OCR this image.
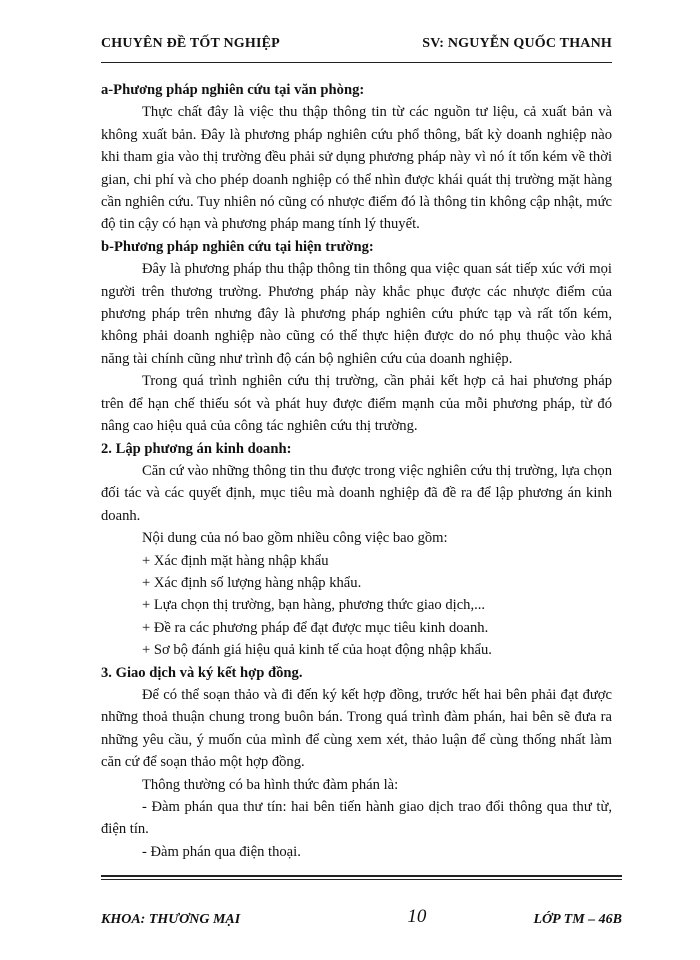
CHUYÊN ĐỀ TỐT NGHIỆP	SV: NGUYỄN QUỐC THANH

a-Phương pháp nghiên cứu tại văn phòng:

Thực chất đây là việc thu thập thông tin từ các nguồn tư liệu, cả xuất bản và không xuất bản. Đây là phương pháp nghiên cứu phổ thông, bất kỳ doanh nghiệp nào khi tham gia vào thị trường đều phải sử dụng phương pháp này vì nó ít tốn kém về thời gian, chi phí và cho phép doanh nghiệp có thể nhìn được khái quát thị trường mặt hàng cần nghiên cứu. Tuy nhiên nó cũng có nhược điểm đó là thông tin không cập nhật, mức độ tin cậy có hạn và phương pháp mang tính lý thuyết.

b-Phương pháp nghiên cứu tại hiện trường:

Đây là phương pháp thu thập thông tin thông qua việc quan sát tiếp xúc với mọi người trên thương trường. Phương pháp này khắc phục được các nhược điểm của phương pháp trên nhưng đây là phương pháp nghiên cứu phức tạp và rất tốn kém, không phải doanh nghiệp nào cũng có thể thực hiện được do nó phụ thuộc vào khả năng tài chính cũng như trình độ cán bộ nghiên cứu của doanh nghiệp.

Trong quá trình nghiên cứu thị trường, cần phải kết hợp cả hai phương pháp trên để hạn chế thiếu sót và phát huy được điểm mạnh của mỗi phương pháp, từ đó nâng cao hiệu quả của công tác nghiên cứu thị trường.

2. Lập phương án kinh doanh:

Căn cứ vào những thông tin thu được trong việc nghiên cứu thị trường, lựa chọn đối tác và các quyết định, mục tiêu mà doanh nghiệp đã đề ra để lập phương án kinh doanh.

Nội dung của nó bao gồm nhiều công việc bao gồm:

+ Xác định mặt hàng nhập khẩu

+ Xác định số lượng hàng nhập khẩu.

+ Lựa chọn thị trường, bạn hàng, phương thức giao dịch,...

+ Đề ra các phương pháp để đạt được mục tiêu kinh doanh.

+ Sơ bộ đánh giá hiệu quả kinh tế của hoạt động nhập khẩu.

3. Giao dịch và ký kết hợp đồng.

Để có thể soạn thảo và đi đến ký kết hợp đồng, trước hết hai bên phải đạt được những thoả thuận chung trong buôn bán. Trong quá trình đàm phán, hai bên sẽ đưa ra những yêu cầu, ý muốn của mình để cùng xem xét, thảo luận để cùng thống nhất làm căn cứ để soạn thảo một hợp đồng.

Thông thường có ba hình thức đàm phán là:

- Đàm phán qua thư tín: hai bên tiến hành giao dịch trao đổi thông qua thư từ, điện tín.

- Đàm phán qua điện thoại.

KHOA: THƯƠNG MẠI	10	LỚP TM – 46B
